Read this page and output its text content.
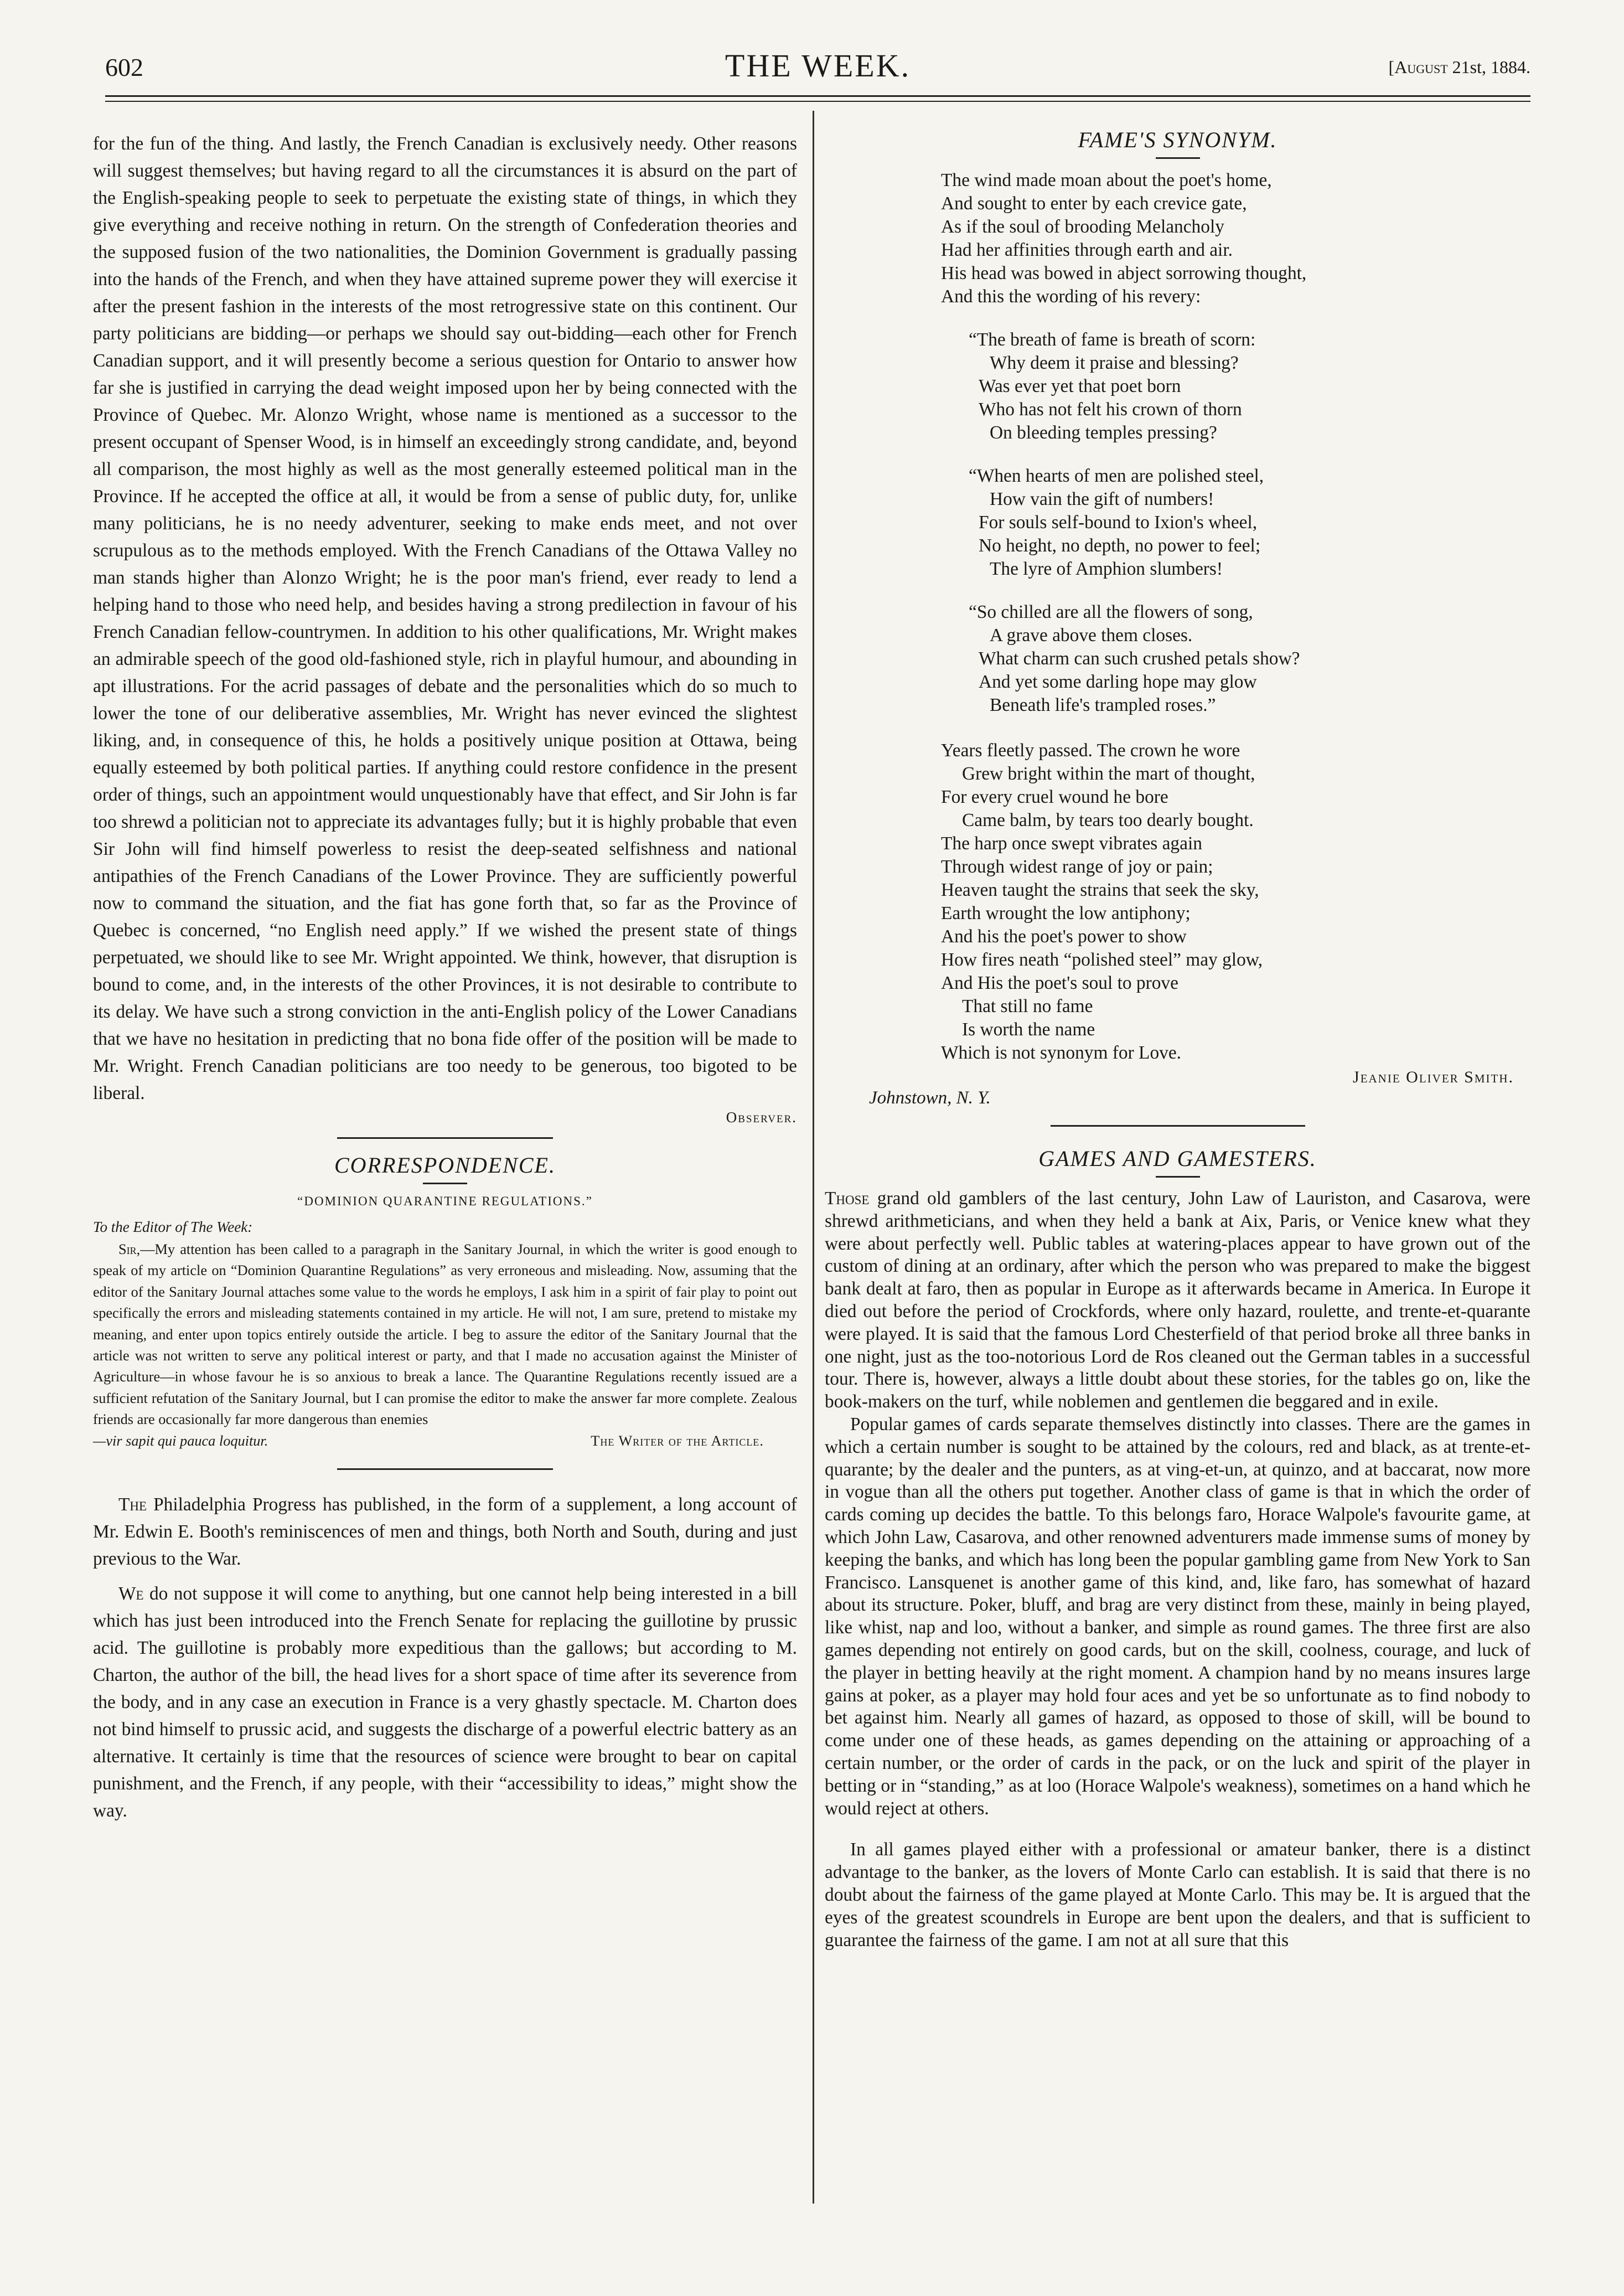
602	THE WEEK.	[August 21st, 1884.

for the fun of the thing. And lastly, the French Canadian is exclusively needy. Other reasons will suggest themselves; but having regard to all the circumstances it is absurd on the part of the English-speaking people to seek to perpetuate the existing state of things, in which they give everything and receive nothing in return. On the strength of Confederation theories and the supposed fusion of the two nationalities, the Dominion Government is gradually passing into the hands of the French, and when they have attained supreme power they will exercise it after the present fashion in the interests of the most retrogressive state on this continent. Our party politicians are bidding—or perhaps we should say out-bidding—each other for French Canadian support, and it will presently become a serious question for Ontario to answer how far she is justified in carrying the dead weight imposed upon her by being connected with the Province of Quebec. Mr. Alonzo Wright, whose name is mentioned as a successor to the present occupant of Spenser Wood, is in himself an exceedingly strong candidate, and, beyond all comparison, the most highly as well as the most generally esteemed political man in the Province. If he accepted the office at all, it would be from a sense of public duty, for, unlike many politicians, he is no needy adventurer, seeking to make ends meet, and not over scrupulous as to the methods employed. With the French Canadians of the Ottawa Valley no man stands higher than Alonzo Wright; he is the poor man's friend, ever ready to lend a helping hand to those who need help, and besides having a strong predilection in favour of his French Canadian fellow-countrymen. In addition to his other qualifications, Mr. Wright makes an admirable speech of the good old-fashioned style, rich in playful humour, and abounding in apt illustrations. For the acrid passages of debate and the personalities which do so much to lower the tone of our deliberative assemblies, Mr. Wright has never evinced the slightest liking, and, in consequence of this, he holds a positively unique position at Ottawa, being equally esteemed by both political parties. If anything could restore confidence in the present order of things, such an appointment would unquestionably have that effect, and Sir John is far too shrewd a politician not to appreciate its advantages fully; but it is highly probable that even Sir John will find himself powerless to resist the deep-seated selfishness and national antipathies of the French Canadians of the Lower Province. They are sufficiently powerful now to command the situation, and the fiat has gone forth that, so far as the Province of Quebec is concerned, “no English need apply.” If we wished the present state of things perpetuated, we should like to see Mr. Wright appointed. We think, however, that disruption is bound to come, and, in the interests of the other Provinces, it is not desirable to contribute to its delay. We have such a strong conviction in the anti-English policy of the Lower Canadians that we have no hesitation in predicting that no bona fide offer of the position will be made to Mr. Wright. French Canadian politicians are too needy to be generous, too bigoted to be liberal.

Observer.
CORRESPONDENCE.
“DOMINION QUARANTINE REGULATIONS.”
To the Editor of The Week:

Sir,—My attention has been called to a paragraph in the Sanitary Journal, in which the writer is good enough to speak of my article on “Dominion Quarantine Regulations” as very erroneous and misleading. Now, assuming that the editor of the Sanitary Journal attaches some value to the words he employs, I ask him in a spirit of fair play to point out specifically the errors and misleading statements contained in my article. He will not, I am sure, pretend to mistake my meaning, and enter upon topics entirely outside the article. I beg to assure the editor of the Sanitary Journal that the article was not written to serve any political interest or party, and that I made no accusation against the Minister of Agriculture—in whose favour he is so anxious to break a lance. The Quarantine Regulations recently issued are a sufficient refutation of the Sanitary Journal, but I can promise the editor to make the answer far more complete. Zealous friends are occasionally far more dangerous than enemies

—vir sapit qui pauca loquitur.	The Writer of the Article.

The Philadelphia Progress has published, in the form of a supplement, a long account of Mr. Edwin E. Booth's reminiscences of men and things, both North and South, during and just previous to the War.

We do not suppose it will come to anything, but one cannot help being interested in a bill which has just been introduced into the French Senate for replacing the guillotine by prussic acid. The guillotine is probably more expeditious than the gallows; but according to M. Charton, the author of the bill, the head lives for a short space of time after its severence from the body, and in any case an execution in France is a very ghastly spectacle. M. Charton does not bind himself to prussic acid, and suggests the discharge of a powerful electric battery as an alternative. It certainly is time that the resources of science were brought to bear on capital punishment, and the French, if any people, with their “accessibility to ideas,” might show the way.

FAME'S SYNONYM.
The wind made moan about the poet's home,
And sought to enter by each crevice gate,
As if the soul of brooding Melancholy
Had her affinities through earth and air.
His head was bowed in abject sorrowing thought,
And this the wording of his revery:
“The breath of fame is breath of scorn:
Why deem it praise and blessing?
Was ever yet that poet born
Who has not felt his crown of thorn
On bleeding temples pressing?
“When hearts of men are polished steel,
How vain the gift of numbers!
For souls self-bound to Ixion's wheel,
No height, no depth, no power to feel;
The lyre of Amphion slumbers!
“So chilled are all the flowers of song,
A grave above them closes.
What charm can such crushed petals show?
And yet some darling hope may glow
Beneath life's trampled roses.”
Years fleetly passed. The crown he wore
Grew bright within the mart of thought,
For every cruel wound he bore
Came balm, by tears too dearly bought.
The harp once swept vibrates again
Through widest range of joy or pain;
Heaven taught the strains that seek the sky,
Earth wrought the low antiphony;
And his the poet's power to show
How fires neath “polished steel” may glow,
And His the poet's soul to prove
That still no fame
Is worth the name
Which is not synonym for Love.
Jeanie Oliver Smith.
Johnstown, N. Y.
GAMES AND GAMESTERS.

Those grand old gamblers of the last century, John Law of Lauriston, and Casarova, were shrewd arithmeticians, and when they held a bank at Aix, Paris, or Venice knew what they were about perfectly well. Public tables at watering-places appear to have grown out of the custom of dining at an ordinary, after which the person who was prepared to make the biggest bank dealt at faro, then as popular in Europe as it afterwards became in America. In Europe it died out before the period of Crockfords, where only hazard, roulette, and trente-et-quarante were played. It is said that the famous Lord Chesterfield of that period broke all three banks in one night, just as the too-notorious Lord de Ros cleaned out the German tables in a successful tour. There is, however, always a little doubt about these stories, for the tables go on, like the book-makers on the turf, while noblemen and gentlemen die beggared and in exile.

Popular games of cards separate themselves distinctly into classes. There are the games in which a certain number is sought to be attained by the colours, red and black, as at trente-et-quarante; by the dealer and the punters, as at ving-et-un, at quinzo, and at baccarat, now more in vogue than all the others put together. Another class of game is that in which the order of cards coming up decides the battle. To this belongs faro, Horace Walpole's favourite game, at which John Law, Casarova, and other renowned adventurers made immense sums of money by keeping the banks, and which has long been the popular gambling game from New York to San Francisco. Lansquenet is another game of this kind, and, like faro, has somewhat of hazard about its structure. Poker, bluff, and brag are very distinct from these, mainly in being played, like whist, nap and loo, without a banker, and simple as round games. The three first are also games depending not entirely on good cards, but on the skill, coolness, courage, and luck of the player in betting heavily at the right moment. A champion hand by no means insures large gains at poker, as a player may hold four aces and yet be so unfortunate as to find nobody to bet against him. Nearly all games of hazard, as opposed to those of skill, will be bound to come under one of these heads, as games depending on the attaining or approaching of a certain number, or the order of cards in the pack, or on the luck and spirit of the player in betting or in “standing,” as at loo (Horace Walpole's weakness), sometimes on a hand which he would reject at others.

In all games played either with a professional or amateur banker, there is a distinct advantage to the banker, as the lovers of Monte Carlo can establish. It is said that there is no doubt about the fairness of the game played at Monte Carlo. This may be. It is argued that the eyes of the greatest scoundrels in Europe are bent upon the dealers, and that is sufficient to guarantee the fairness of the game. I am not at all sure that this
